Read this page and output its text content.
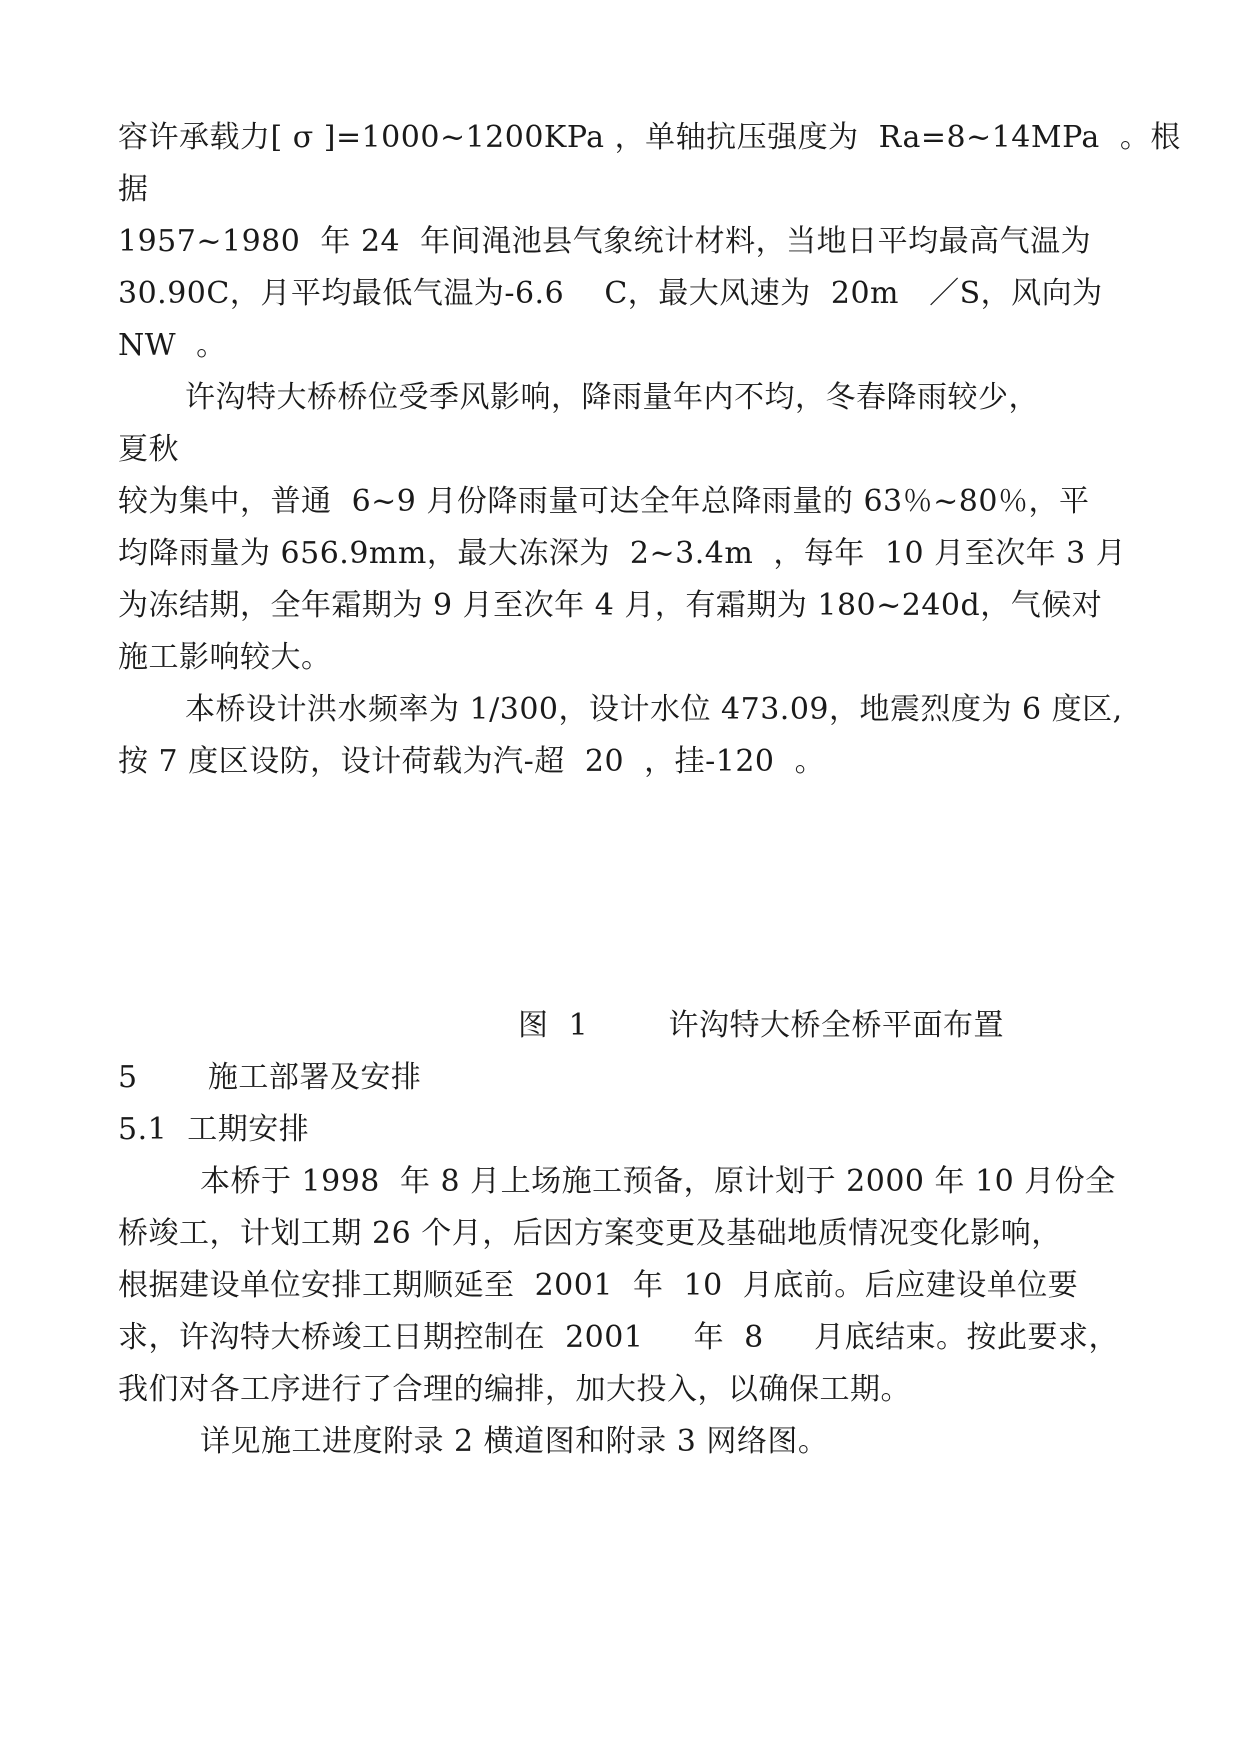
容许承载力[ σ ]=1000~1200KPa ，单轴抗压强度为  Ra=8~14MPa  。根
据
1957~1980  年 24  年间渑池县气象统计材料，当地日平均最高气温为
30.90C，月平均最低气温为-6.6    C，最大风速为  20m   ／S，风向为
NW  。
许沟特大桥桥位受季风影响，降雨量年内不均，冬春降雨较少，
夏秋
较为集中，普通  6~9 月份降雨量可达全年总降雨量的 63％~80％，平
均降雨量为 656.9mm，最大冻深为  2~3.4m  ，每年  10 月至次年 3 月
为冻结期，全年霜期为 9 月至次年 4 月，有霜期为 180~240d，气候对
施工影响较大。
本桥设计洪水频率为 1/300，设计水位 473.09，地震烈度为 6 度区,
按 7 度区设防，设计荷载为汽-超  20  ，挂-120  。
图  1        许沟特大桥全桥平面布置
5       施工部署及安排
5.1  工期安排
本桥于 1998  年 8 月上场施工预备，原计划于 2000 年 10 月份全
桥竣工，计划工期 26 个月，后因方案变更及基础地质情况变化影响，
根据建设单位安排工期顺延至  2001  年  10  月底前。后应建设单位要
求，许沟特大桥竣工日期控制在  2001     年  8     月底结束。按此要求，
我们对各工序进行了合理的编排，加大投入，以确保工期。
详见施工进度附录 2 横道图和附录 3 网络图。
